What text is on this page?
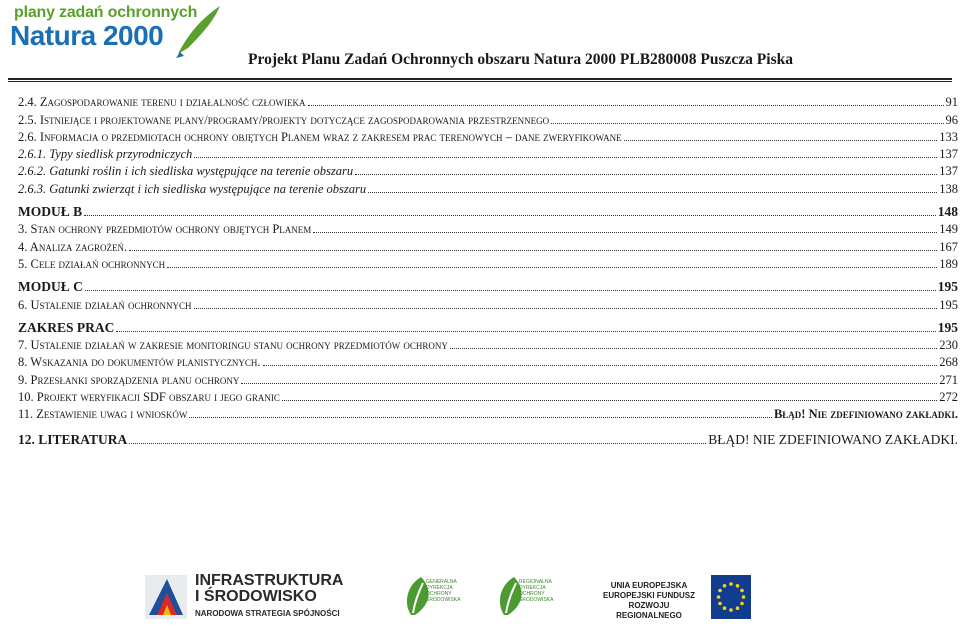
plany zadań ochronnych
Natura 2000
Projekt Planu Zadań Ochronnych obszaru Natura 2000 PLB280008 Puszcza Piska
2.4. Zagospodarowanie terenu i działalność człowieka	91
2.5. Istniejące i projektowane plany/programy/projekty dotyczące zagospodarowania przestrzennego	96
2.6. Informacja o przedmiotach ochrony objętych Planem wraz z zakresem prac terenowych – dane zweryfikowane	133
2.6.1. Typy siedlisk przyrodniczych	137
2.6.2. Gatunki roślin i ich siedliska występujące na terenie obszaru	137
2.6.3. Gatunki zwierząt i ich siedliska występujące na terenie obszaru	138
MODUŁ B	148
3. Stan ochrony przedmiotów ochrony objętych Planem	149
4. Analiza zagrożeń.	167
5. Cele działań ochronnych	189
MODUŁ C	195
6. Ustalenie działań ochronnych	195
ZAKRES PRAC	195
7. Ustalenie działań w zakresie monitoringu stanu ochrony przedmiotów ochrony	230
8. Wskazania do dokumentów planistycznych.	268
9. Przesłanki sporządzenia planu ochrony	271
10. Projekt weryfikacji SDF obszaru i jego granic	272
11. Zestawienie uwag i wniosków	Błąd! Nie zdefiniowano zakładki.
12. LITERATURA	BŁĄD! NIE ZDEFINIOWANO ZAKŁADKI.
INFRASTRUKTURA
I ŚRODOWISKO
NARODOWA STRATEGIA SPÓJNOŚCI
GENERALNA
DYREKCJA
OCHRONY
ŚRODOWISKA
REGIONALNA
DYREKCJA
OCHRONY
ŚRODOWISKA
UNIA EUROPEJSKA
EUROPEJSKI FUNDUSZ
ROZWOJU REGIONALNEGO
